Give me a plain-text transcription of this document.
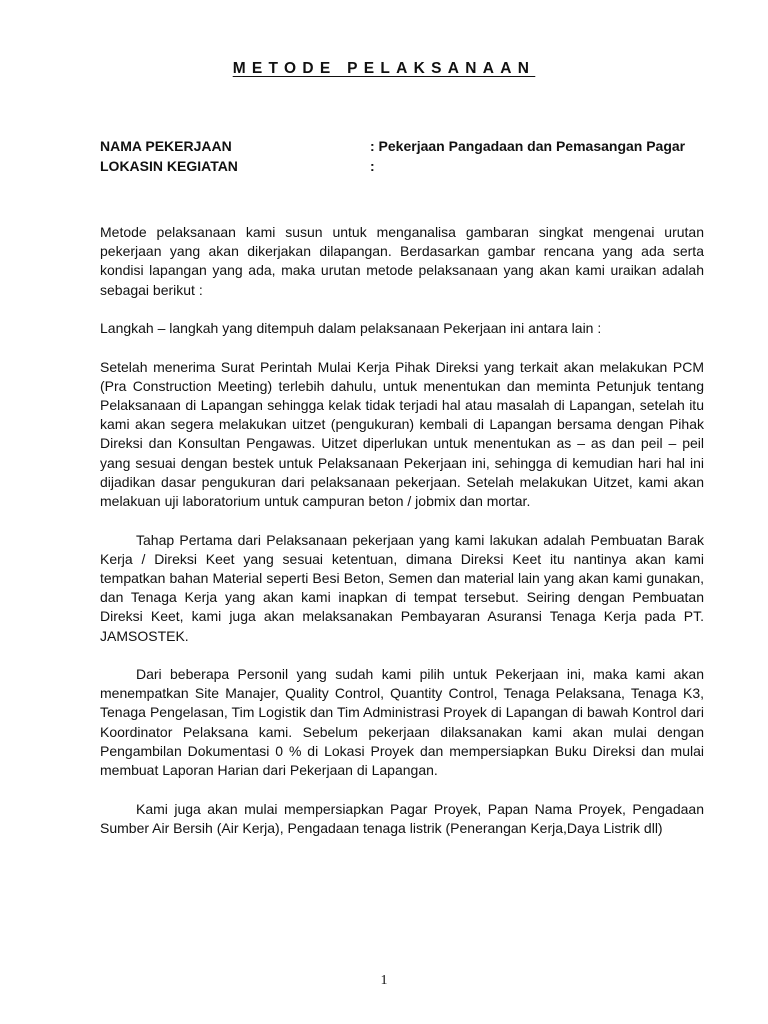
METODE PELAKSANAAN
NAMA PEKERJAAN	: Pekerjaan Pangadaan dan Pemasangan Pagar
LOKASIN KEGIATAN	:

Metode pelaksanaan kami susun untuk menganalisa gambaran singkat mengenai urutan pekerjaan yang akan dikerjakan dilapangan. Berdasarkan gambar rencana yang ada serta kondisi lapangan yang ada, maka urutan metode pelaksanaan yang akan kami uraikan adalah sebagai berikut :

Langkah – langkah yang ditempuh dalam pelaksanaan Pekerjaan ini antara lain :

Setelah menerima Surat Perintah Mulai Kerja Pihak Direksi yang terkait akan melakukan PCM (Pra Construction Meeting) terlebih dahulu, untuk menentukan dan meminta Petunjuk tentang Pelaksanaan di Lapangan sehingga kelak tidak terjadi hal atau masalah di Lapangan, setelah itu kami akan segera melakukan uitzet (pengukuran) kembali di Lapangan bersama dengan Pihak Direksi dan Konsultan Pengawas. Uitzet diperlukan untuk menentukan as – as dan peil – peil yang sesuai dengan bestek untuk Pelaksanaan Pekerjaan ini, sehingga di kemudian hari hal ini dijadikan dasar pengukuran dari pelaksanaan pekerjaan. Setelah melakukan Uitzet, kami akan melakuan uji laboratorium untuk campuran beton / jobmix dan mortar.

Tahap Pertama dari Pelaksanaan pekerjaan yang kami lakukan adalah Pembuatan Barak Kerja / Direksi Keet yang sesuai ketentuan, dimana Direksi Keet itu nantinya akan kami tempatkan bahan Material seperti Besi Beton, Semen dan material lain yang akan kami gunakan, dan Tenaga Kerja yang akan kami inapkan di tempat tersebut. Seiring dengan Pembuatan Direksi Keet, kami juga akan melaksanakan Pembayaran Asuransi Tenaga Kerja pada PT. JAMSOSTEK.

Dari beberapa Personil yang sudah kami pilih untuk Pekerjaan ini, maka kami akan menempatkan Site Manajer, Quality Control, Quantity Control, Tenaga Pelaksana, Tenaga K3, Tenaga Pengelasan, Tim Logistik dan Tim Administrasi Proyek di Lapangan di bawah Kontrol dari Koordinator Pelaksana kami. Sebelum pekerjaan dilaksanakan kami akan mulai dengan Pengambilan Dokumentasi 0 % di Lokasi Proyek dan mempersiapkan Buku Direksi dan mulai membuat Laporan Harian dari Pekerjaan di Lapangan.

Kami juga akan mulai mempersiapkan Pagar Proyek, Papan Nama Proyek, Pengadaan Sumber Air Bersih (Air Kerja), Pengadaan tenaga listrik (Penerangan Kerja,Daya Listrik dll)

1
